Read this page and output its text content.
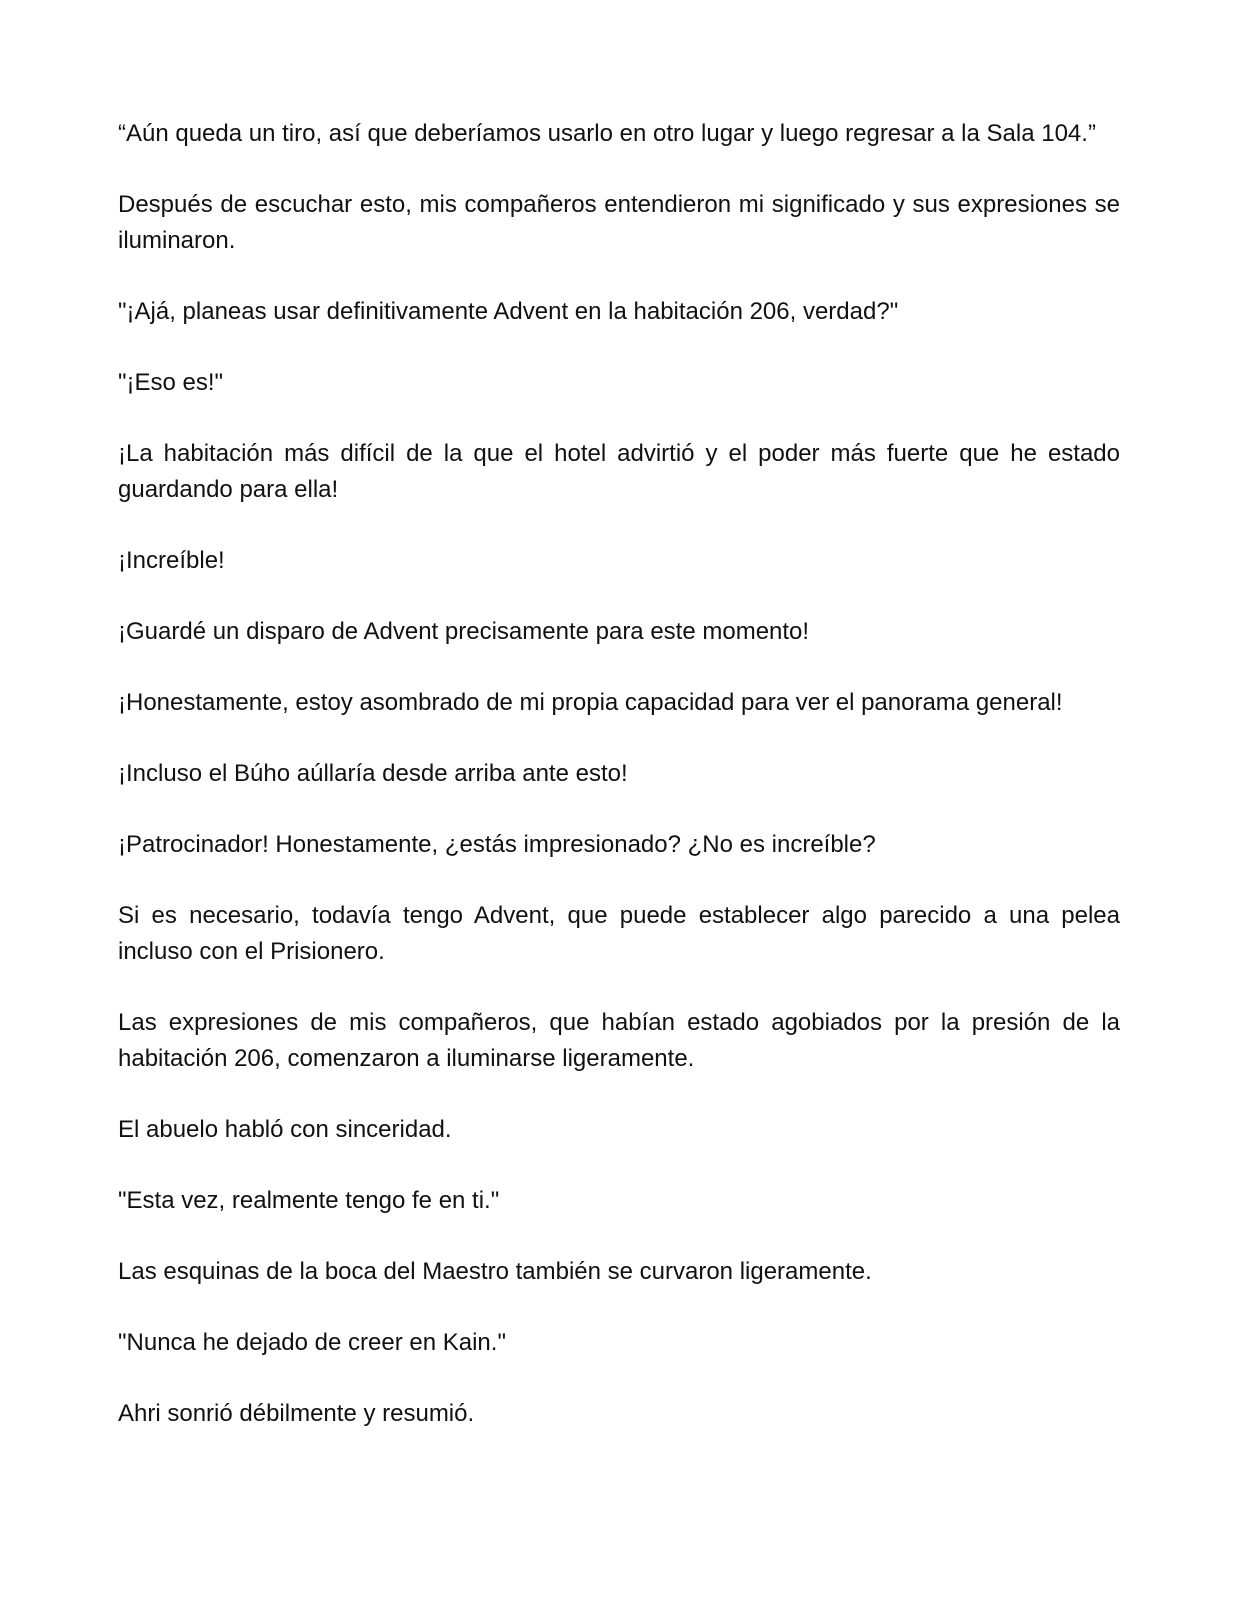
“Aún queda un tiro, así que deberíamos usarlo en otro lugar y luego regresar a la Sala 104.”

Después de escuchar esto, mis compañeros entendieron mi significado y sus expresiones se iluminaron.

"¡Ajá, planeas usar definitivamente Advent en la habitación 206, verdad?"

"¡Eso es!"

¡La habitación más difícil de la que el hotel advirtió y el poder más fuerte que he estado guardando para ella!

¡Increíble!

¡Guardé un disparo de Advent precisamente para este momento!

¡Honestamente, estoy asombrado de mi propia capacidad para ver el panorama general!

¡Incluso el Búho aúllaría desde arriba ante esto!

¡Patrocinador! Honestamente, ¿estás impresionado? ¿No es increíble?

Si es necesario, todavía tengo Advent, que puede establecer algo parecido a una pelea incluso con el Prisionero.

Las expresiones de mis compañeros, que habían estado agobiados por la presión de la habitación 206, comenzaron a iluminarse ligeramente.

El abuelo habló con sinceridad.

"Esta vez, realmente tengo fe en ti."

Las esquinas de la boca del Maestro también se curvaron ligeramente.

"Nunca he dejado de creer en Kain."

Ahri sonrió débilmente y resumió.
